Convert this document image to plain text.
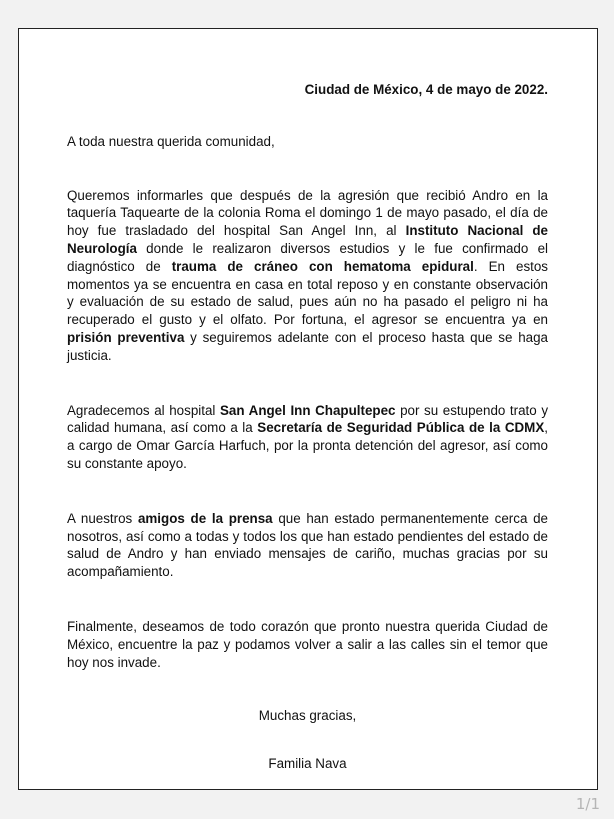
Ciudad de México, 4 de mayo de 2022.
A toda nuestra querida comunidad,

Queremos informarles que después de la agresión que recibió Andro en la taquería Taquearte de la colonia Roma el domingo 1 de mayo pasado, el día de hoy fue trasladado del hospital San Angel Inn, al Instituto Nacional de Neurología donde le realizaron diversos estudios y le fue confirmado el diagnóstico de trauma de cráneo con hematoma epidural. En estos momentos ya se encuentra en casa en total reposo y en constante observación y evaluación de su estado de salud, pues aún no ha pasado el peligro ni ha recuperado el gusto y el olfato. Por fortuna, el agresor se encuentra ya en prisión preventiva y seguiremos adelante con el proceso hasta que se haga justicia.

Agradecemos al hospital San Angel Inn Chapultepec por su estupendo trato y calidad humana, así como a la Secretaría de Seguridad Pública de la CDMX, a cargo de Omar García Harfuch, por la pronta detención del agresor, así como su constante apoyo.

A nuestros amigos de la prensa que han estado permanentemente cerca de nosotros, así como a todas y todos los que han estado pendientes del estado de salud de Andro y han enviado mensajes de cariño, muchas gracias por su acompañamiento.

Finalmente, deseamos de todo corazón que pronto nuestra querida Ciudad de México, encuentre la paz y podamos volver a salir a las calles sin el temor que hoy nos invade.

Muchas gracias,
Familia Nava
1/1
